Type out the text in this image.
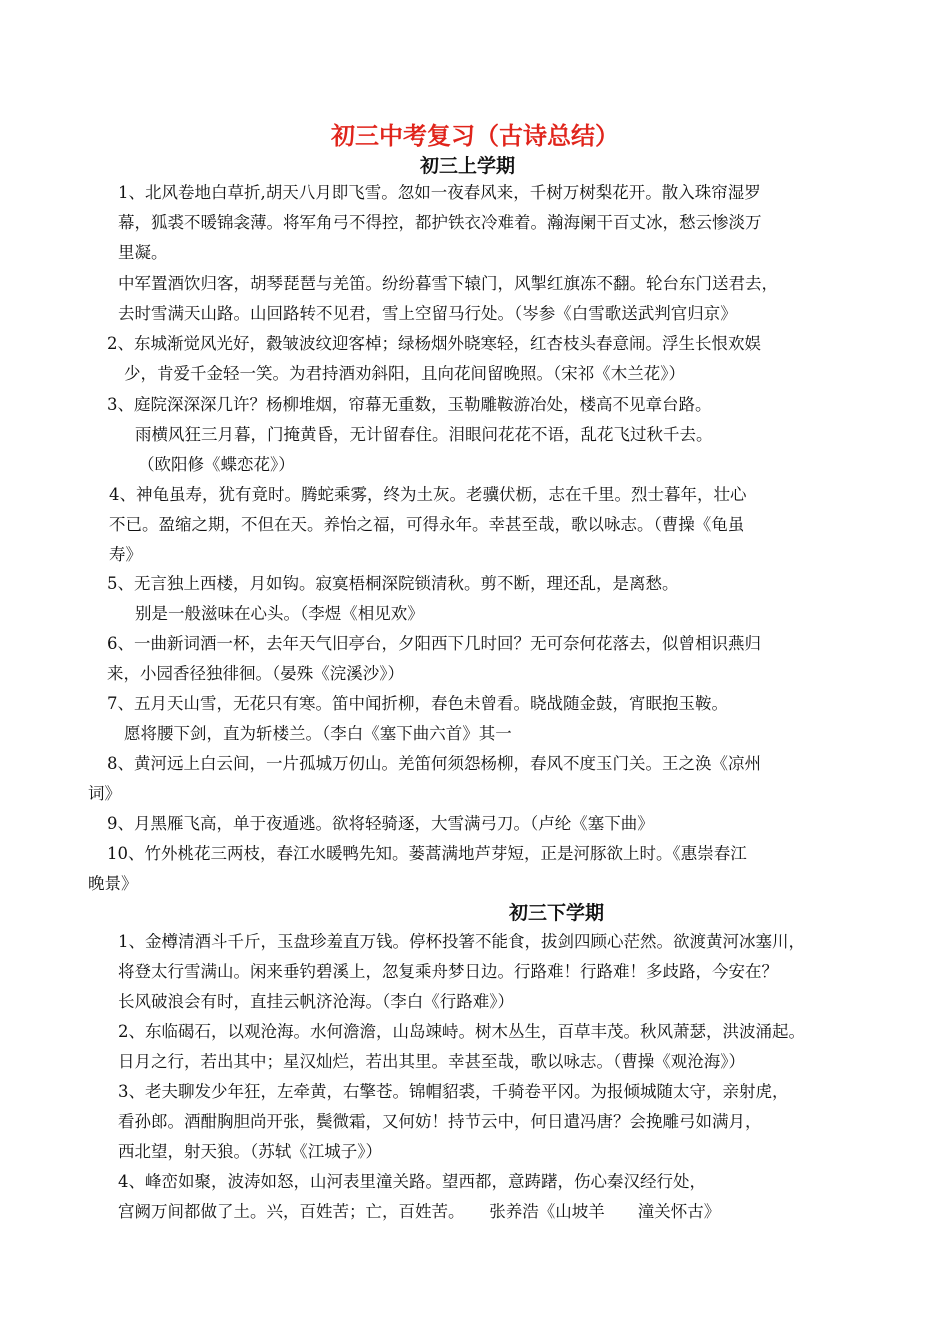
初三中考复习（古诗总结）
初三上学期

1、北风卷地白草折,胡天八月即飞雪。忽如一夜春风来，千树万树梨花开。散入珠帘湿罗

幕，狐裘不暖锦衾薄。将军角弓不得控，都护铁衣冷难着。瀚海阑干百丈冰，愁云惨淡万

里凝。

中军置酒饮归客，胡琴琵琶与羌笛。纷纷暮雪下辕门，风掣红旗冻不翻。轮台东门送君去，

去时雪满天山路。山回路转不见君，雪上空留马行处。（岑参《白雪歌送武判官归京》

2、东城渐觉风光好，縠皱波纹迎客棹；绿杨烟外晓寒轻，红杏枝头春意闹。浮生长恨欢娱

少，肯爱千金轻一笑。为君持酒劝斜阳，且向花间留晚照。（宋祁《木兰花》）

3、庭院深深深几许？杨柳堆烟，帘幕无重数，玉勒雕鞍游冶处，楼高不见章台路。

雨横风狂三月暮，门掩黄昏，无计留春住。泪眼问花花不语，乱花飞过秋千去。

（欧阳修《蝶恋花》）

4、神龟虽寿，犹有竟时。腾蛇乘雾，终为土灰。老骥伏枥，志在千里。烈士暮年，壮心

不已。盈缩之期，不但在天。养怡之福，可得永年。幸甚至哉，歌以咏志。（曹操《龟虽

寿》

5、无言独上西楼，月如钩。寂寞梧桐深院锁清秋。剪不断，理还乱，是离愁。

别是一般滋味在心头。（李煜《相见欢》

6、一曲新词酒一杯，去年天气旧亭台，夕阳西下几时回？无可奈何花落去，似曾相识燕归

来，小园香径独徘徊。（晏殊《浣溪沙》）

7、五月天山雪，无花只有寒。笛中闻折柳，春色未曾看。晓战随金鼓，宵眠抱玉鞍。

愿将腰下剑，直为斩楼兰。（李白《塞下曲六首》其一

8、黄河远上白云间，一片孤城万仞山。羌笛何须怨杨柳，春风不度玉门关。王之涣《凉州

词》

9、月黑雁飞高，单于夜遁逃。欲将轻骑逐，大雪满弓刀。（卢纶《塞下曲》

10、竹外桃花三两枝，春江水暖鸭先知。蒌蒿满地芦芽短，正是河豚欲上时。《惠崇春江

晚景》

初三下学期

1、金樽清酒斗千斤，玉盘珍羞直万钱。停杯投箸不能食，拔剑四顾心茫然。欲渡黄河冰塞川，

将登太行雪满山。闲来垂钓碧溪上，忽复乘舟梦日边。行路难！行路难！多歧路，今安在？

长风破浪会有时，直挂云帆济沧海。（李白《行路难》）

2、东临碣石，以观沧海。水何澹澹，山岛竦峙。树木丛生，百草丰茂。秋风萧瑟，洪波涌起。

日月之行，若出其中；星汉灿烂，若出其里。幸甚至哉，歌以咏志。（曹操《观沧海》）

3、老夫聊发少年狂，左牵黄，右擎苍。锦帽貂裘，千骑卷平冈。为报倾城随太守，亲射虎，

看孙郎。酒酣胸胆尚开张，鬓微霜，又何妨！持节云中，何日遣冯唐？会挽雕弓如满月，

西北望，射天狼。（苏轼《江城子》）

4、峰峦如聚，波涛如怒，山河表里潼关路。望西都，意踌躇，伤心秦汉经行处，

宫阙万间都做了土。兴，百姓苦；亡，百姓苦。　　张养浩《山坡羊　　潼关怀古》
